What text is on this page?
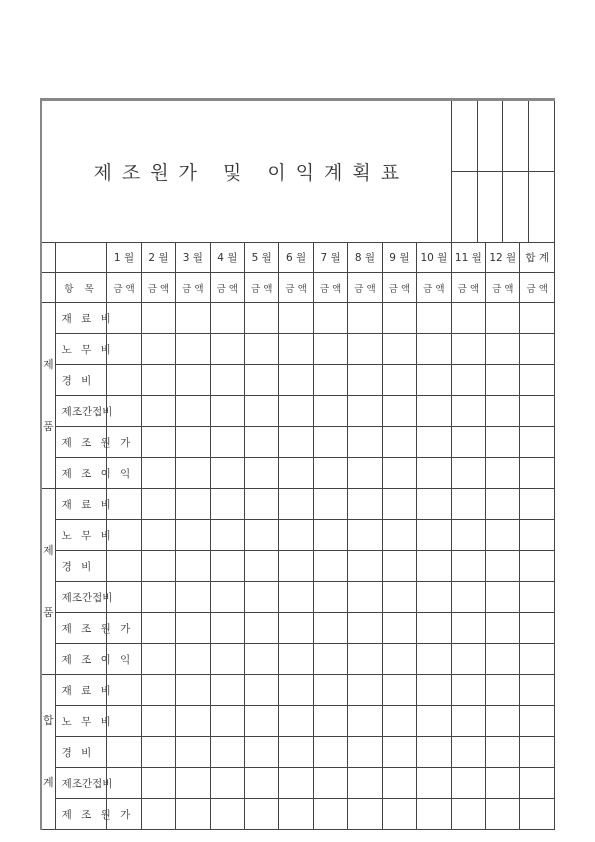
제조원가 및 이익계획표	

		1 월	2 월	3 월	4 월	5 월	6 월	7 월	8 월	9 월	10 월	11 월	12 월	합 계
	항 목	금 액	금 액	금 액	금 액	금 액	금 액	금 액	금 액	금 액	금 액	금 액	금 액	금 액

제
품
	재 료 비													
노 무 비													
경 비													
제조간접비													
제 조 원 가													
제 조 이 익													

제
품
	재 료 비													
노 무 비													
경 비													
제조간접비													
제 조 원 가													
제 조 이 익													

합
계
	재 료 비													
노 무 비													
경 비													
제조간접비													
제 조 원 가													
